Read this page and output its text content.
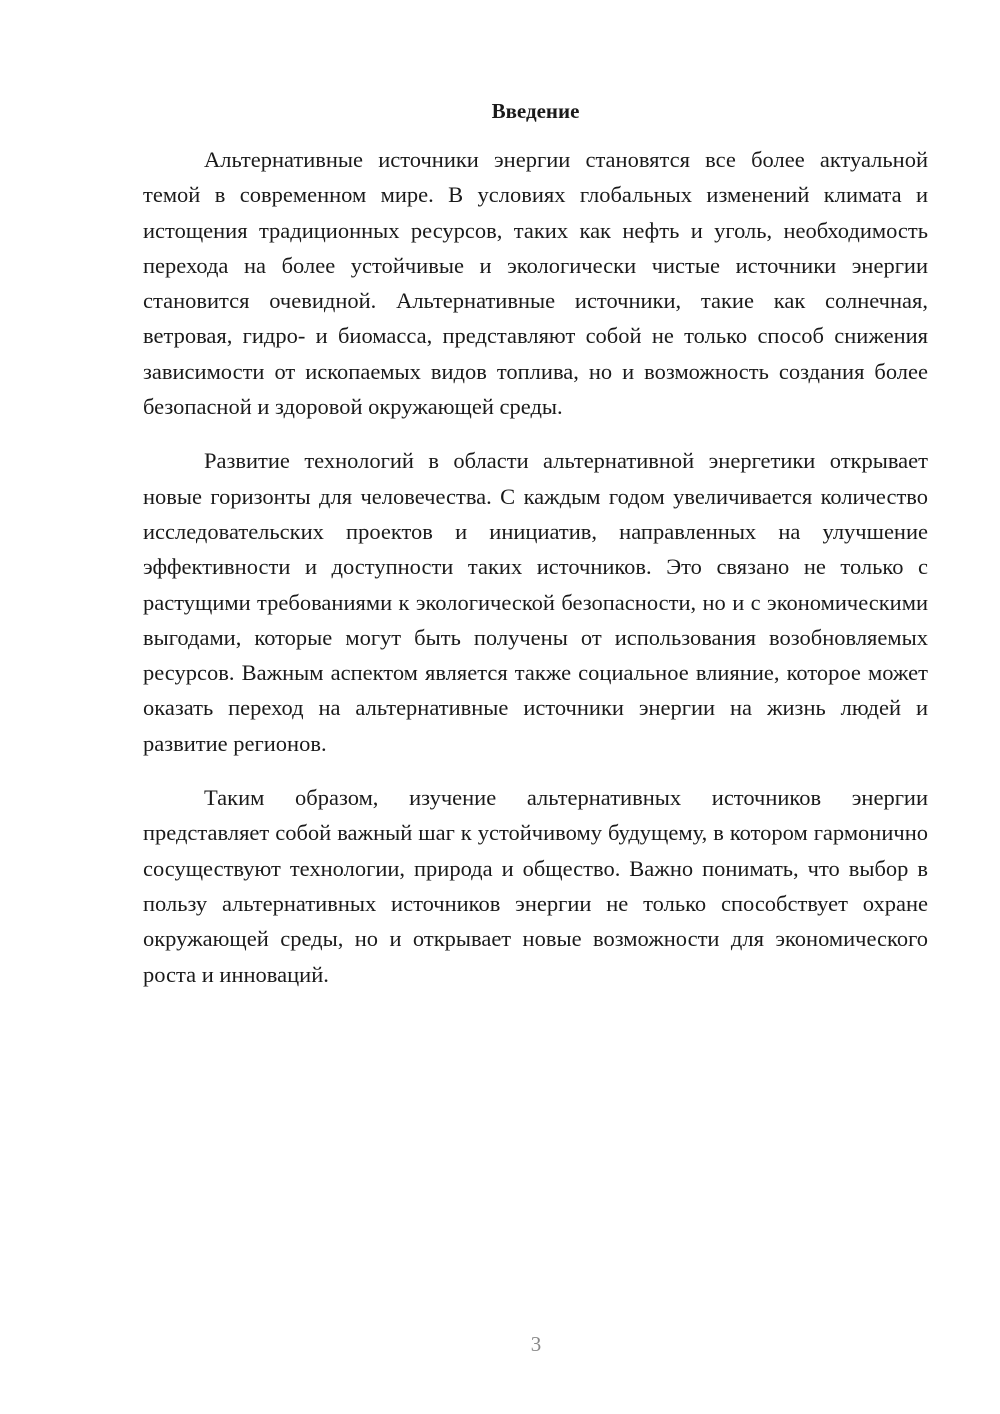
Введение

Альтернативные источники энергии становятся все более актуальной темой в современном мире. В условиях глобальных изменений климата и истощения традиционных ресурсов, таких как нефть и уголь, необходимость перехода на более устойчивые и экологически чистые источники энергии становится очевидной. Альтернативные источники, такие как солнечная, ветровая, гидро- и биомасса, представляют собой не только способ снижения зависимости от ископаемых видов топлива, но и возможность создания более безопасной и здоровой окружающей среды.

Развитие технологий в области альтернативной энергетики открывает новые горизонты для человечества. С каждым годом увеличивается количество исследовательских проектов и инициатив, направленных на улучшение эффективности и доступности таких источников. Это связано не только с растущими требованиями к экологической безопасности, но и с экономическими выгодами, которые могут быть получены от использования возобновляемых ресурсов. Важным аспектом является также социальное влияние, которое может оказать переход на альтернативные источники энергии на жизнь людей и развитие регионов.

Таким образом, изучение альтернативных источников энергии представляет собой важный шаг к устойчивому будущему, в котором гармонично сосуществуют технологии, природа и общество. Важно понимать, что выбор в пользу альтернативных источников энергии не только способствует охране окружающей среды, но и открывает новые возможности для экономического роста и инноваций.

3
